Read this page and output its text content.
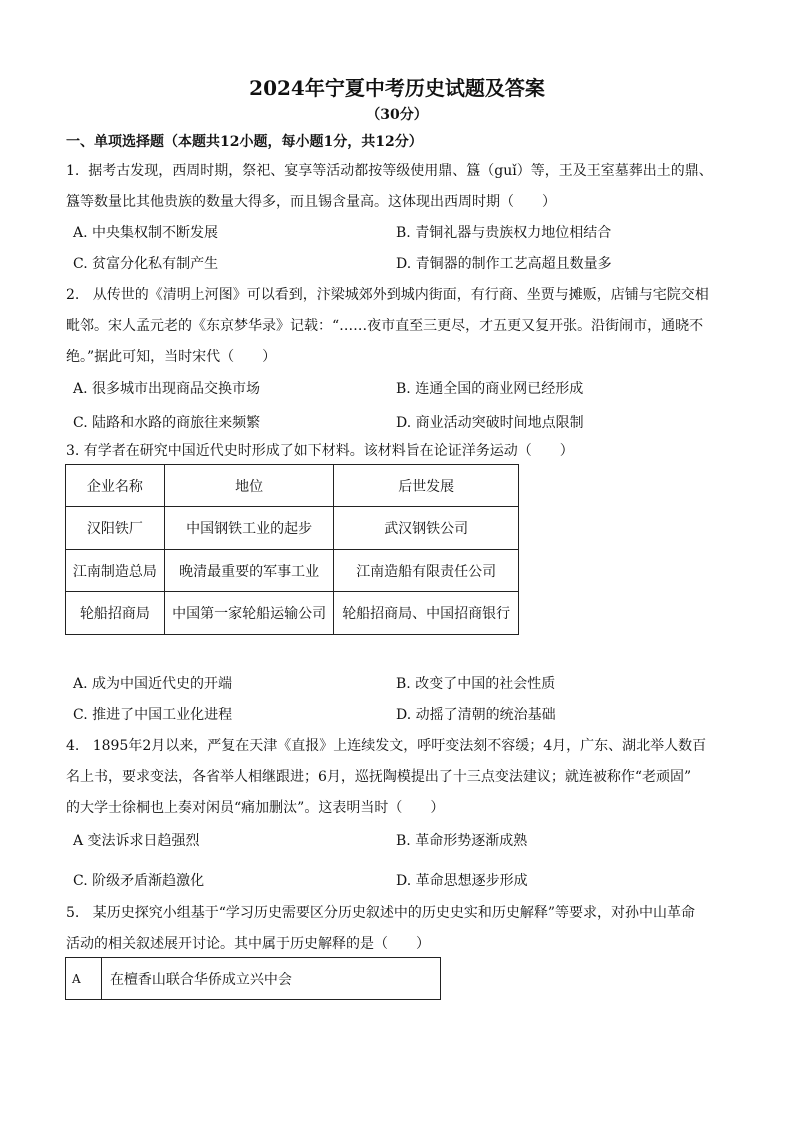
2024年宁夏中考历史试题及答案
（30分）
一、单项选择题（本题共12小题，每小题1分，共12分）
1.  据考古发现，西周时期，祭祀、宴享等活动都按等级使用鼎、簋（guǐ）等，王及王室墓葬出土的鼎、
簋等数量比其他贵族的数量大得多，而且锡含量高。这体现出西周时期（　　）
A. 中央集权制不断发展	B. 青铜礼器与贵族权力地位相结合
C. 贫富分化私有制产生	D. 青铜器的制作工艺高超且数量多
2.   从传世的《清明上河图》可以看到，汴梁城郊外到城内街面，有行商、坐贾与摊贩，店铺与宅院交相
毗邻。宋人孟元老的《东京梦华录》记载：“……夜市直至三更尽，才五更又复开张。沿街闹市，通晓不
绝。”据此可知，当时宋代（　　）
A. 很多城市出现商品交换市场	B. 连通全国的商业网已经形成
C. 陆路和水路的商旅往来频繁	D. 商业活动突破时间地点限制
3. 有学者在研究中国近代史时形成了如下材料。该材料旨在论证洋务运动（　　）
企业名称	地位	后世发展
汉阳铁厂	中国钢铁工业的起步	武汉钢铁公司
江南制造总局	晚清最重要的军事工业	江南造船有限责任公司
轮船招商局	中国第一家轮船运输公司	轮船招商局、中国招商银行
A. 成为中国近代史的开端	B. 改变了中国的社会性质
C. 推进了中国工业化进程	D. 动摇了清朝的统治基础
4.   1895年2月以来，严复在天津《直报》上连续发文，呼吁变法刻不容缓；4月，广东、湖北举人数百
名上书，要求变法，各省举人相继跟进；6月，巡抚陶模提出了十三点变法建议；就连被称作“老顽固”
的大学士徐桐也上奏对闲员“痛加删汰”。这表明当时（　　）
A 变法诉求日趋强烈	B. 革命形势逐渐成熟
C. 阶级矛盾渐趋激化	D. 革命思想逐步形成
5.   某历史探究小组基于“学习历史需要区分历史叙述中的历史史实和历史解释”等要求，对孙中山革命
活动的相关叙述展开讨论。其中属于历史解释的是（　　）
A	在檀香山联合华侨成立兴中会
